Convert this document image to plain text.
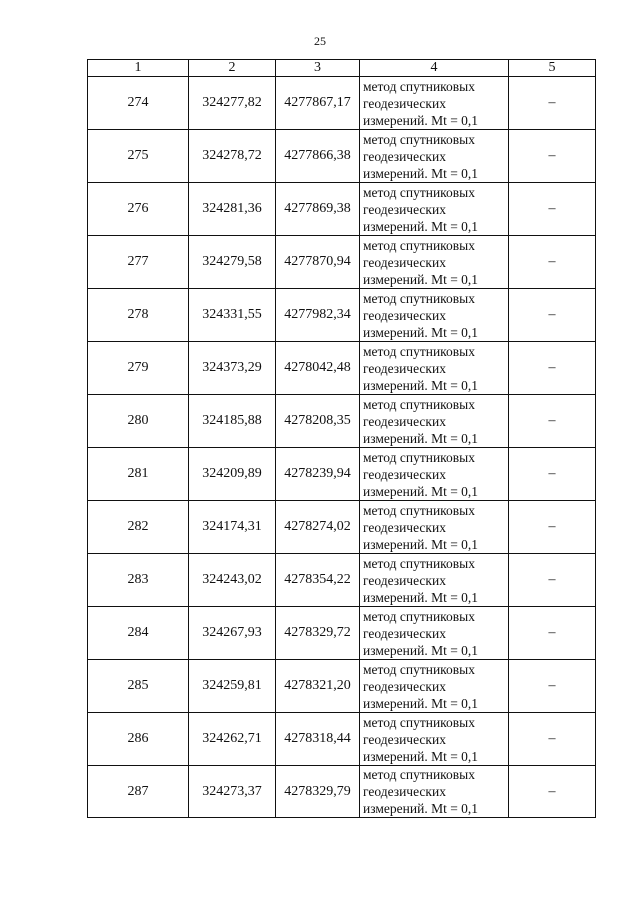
25
1	2	3	4	5
274	324277,82	4277867,17	метод спутниковых
геодезических
измерений. Mt = 0,1	–
275	324278,72	4277866,38	метод спутниковых
геодезических
измерений. Mt = 0,1	–
276	324281,36	4277869,38	метод спутниковых
геодезических
измерений. Mt = 0,1	–
277	324279,58	4277870,94	метод спутниковых
геодезических
измерений. Mt = 0,1	–
278	324331,55	4277982,34	метод спутниковых
геодезических
измерений. Mt = 0,1	–
279	324373,29	4278042,48	метод спутниковых
геодезических
измерений. Mt = 0,1	–
280	324185,88	4278208,35	метод спутниковых
геодезических
измерений. Mt = 0,1	–
281	324209,89	4278239,94	метод спутниковых
геодезических
измерений. Mt = 0,1	–
282	324174,31	4278274,02	метод спутниковых
геодезических
измерений. Mt = 0,1	–
283	324243,02	4278354,22	метод спутниковых
геодезических
измерений. Mt = 0,1	–
284	324267,93	4278329,72	метод спутниковых
геодезических
измерений. Mt = 0,1	–
285	324259,81	4278321,20	метод спутниковых
геодезических
измерений. Mt = 0,1	–
286	324262,71	4278318,44	метод спутниковых
геодезических
измерений. Mt = 0,1	–
287	324273,37	4278329,79	метод спутниковых
геодезических
измерений. Mt = 0,1	–
